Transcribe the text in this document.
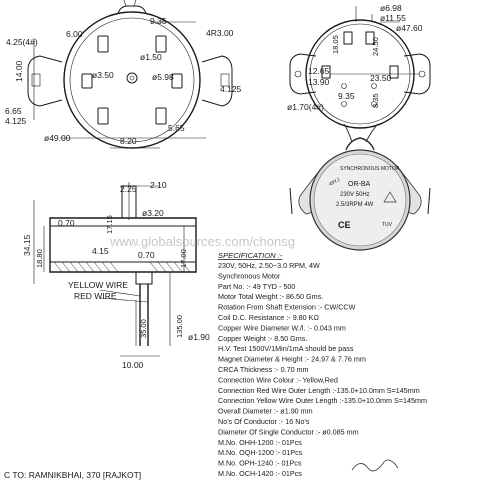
9.35
6.00
4.25(4#)
4R3.00
ø1.50
ø3.50	ø5.98
14.00
6.65
4.125
4.125
ø49.00	8.20
5.65
ø6.98
ø11.55
ø47.60
18.05	24.50
12.65
13.90	23.50
9.35 8.35
ø1.70(4#)
49YJ
SYNCHRONOUS MOTOR
OR-BA
230V 50Hz
2.5/3RPM 4W
TUV
CE
2.25 2.10
ø3.20
17.15
0.70
34.15
18.80	4.15	0.70	17.00
35.00	135.00 ø1.90
10.00
YELLOW WIRE
RED WIRE
www.globalsources.com/chonsg
SPECIFICATION :-
230V, 50Hz, 2.50~3.0 RPM, 4W
Synchronous Motor
Part No. :- 49 TYD - 500
Motor Total Weight :- 86.50 Gms.
Rotation From Shaft Extension :- CW/CCW
Coil D.C. Resistance :- 9.80 KΩ
Copper Wire Diameter W./l. :- 0.043 mm
Copper Weight :- 8.50 Gms.
H.V. Test 1500V/1Min/1mA should be pass
Magnet Diameter & Height :- 24.97 & 7.76 mm
CRCA Thickness :- 0.70 mm
Connection Wire Colour :- Yellow,Red
Connection Red Wire Outer Length :-135.0+10.0mm S=145mm
Connection Yellow Wire Outer Length :-135.0+10.0mm S=145mm
Overall Diameter :- ø1.90 mm
No's Of Conductor :- 16 No's
Diameter Of Single Conductor :- ø0.085 mm
M.No. OHH-1200 :- 01Pcs
M.No. OQH-1200 :- 01Pcs
M.No. OPH-1240 :- 01Pcs
M.No. OCH-1420 :- 01Pcs
C TO: RAMNIKBHAI, 370 [RAJKOT]
